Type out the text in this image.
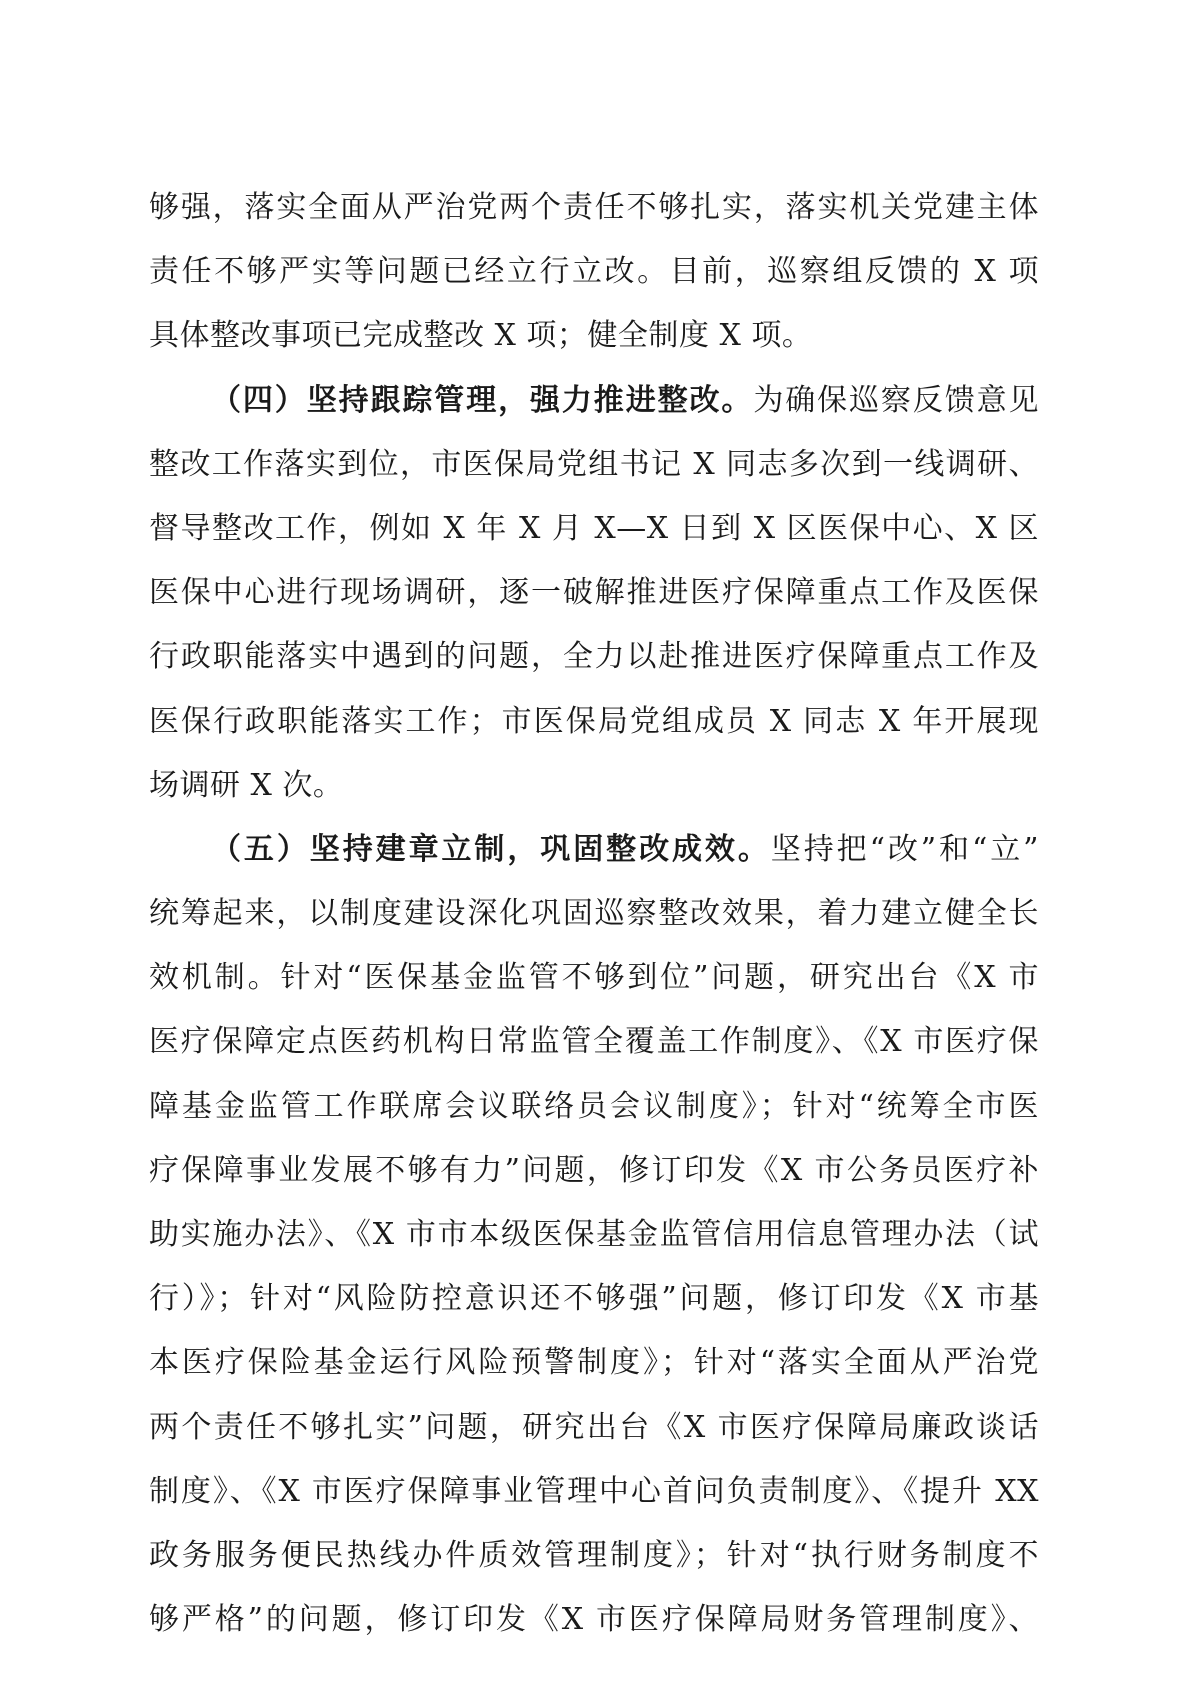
够强，落实全面从严治党两个责任不够扎实，落实机关党建主体
责任不够严实等问题已经立行立改。目前，巡察组反馈的 X 项
具体整改事项已完成整改 X 项；健全制度 X 项。
（四）坚持跟踪管理，强力推进整改。为确保巡察反馈意见
整改工作落实到位，市医保局党组书记 X 同志多次到一线调研、
督导整改工作，例如 X 年 X 月 X—X 日到 X 区医保中心、X 区
医保中心进行现场调研，逐一破解推进医疗保障重点工作及医保
行政职能落实中遇到的问题，全力以赴推进医疗保障重点工作及
医保行政职能落实工作；市医保局党组成员 X 同志 X 年开展现
场调研 X 次。
（五）坚持建章立制，巩固整改成效。坚持把“改”和“立”
统筹起来，以制度建设深化巩固巡察整改效果，着力建立健全长
效机制。针对“医保基金监管不够到位”问题，研究出台《X 市
医疗保障定点医药机构日常监管全覆盖工作制度》、《X 市医疗保
障基金监管工作联席会议联络员会议制度》；针对“统筹全市医
疗保障事业发展不够有力”问题，修订印发《X 市公务员医疗补
助实施办法》、《X 市市本级医保基金监管信用信息管理办法（试
行）》；针对“风险防控意识还不够强”问题，修订印发《X 市基
本医疗保险基金运行风险预警制度》；针对“落实全面从严治党
两个责任不够扎实”问题，研究出台《X 市医疗保障局廉政谈话
制度》、《X 市医疗保障事业管理中心首问负责制度》、《提升 XX
政务服务便民热线办件质效管理制度》；针对“执行财务制度不
够严格”的问题，修订印发《X 市医疗保障局财务管理制度》、
